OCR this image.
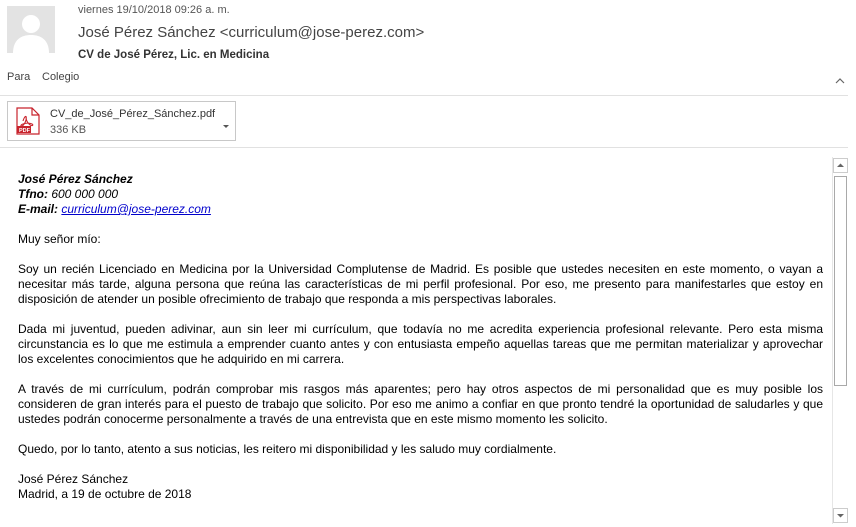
viernes 19/10/2018 09:26 a. m.
José Pérez Sánchez <curriculum@jose-perez.com>
CV de José Pérez, Lic. en Medicina
Para Colegio
PDF
CV_de_José_Pérez_Sánchez.pdf
336 KB

José Pérez Sánchez

Tfno: 600 000 000

E-mail: curriculum@jose-perez.com

Muy señor mío:

Soy un recién Licenciado en Medicina por la Universidad Complutense de Madrid. Es posible que ustedes necesiten en este momento, o vayan a necesitar más tarde, alguna persona que reúna las características de mi perfil profesional. Por eso, me presento para manifestarles que estoy en disposición de atender un posible ofrecimiento de trabajo que responda a mis perspectivas laborales.

Dada mi juventud, pueden adivinar, aun sin leer mi currículum, que todavía no me acredita experiencia profesional relevante. Pero esta misma circunstancia es lo que me estimula a emprender cuanto antes y con entusiasta empeño aquellas tareas que me permitan materializar y aprovechar los excelentes conocimientos que he adquirido en mi carrera.

A través de mi currículum, podrán comprobar mis rasgos más aparentes; pero hay otros aspectos de mi personalidad que es muy posible los consideren de gran interés para el puesto de trabajo que solicito. Por eso me animo a confiar en que pronto tendré la oportunidad de saludarles y que ustedes podrán conocerme personalmente a través de una entrevista que en este mismo momento les solicito.

Quedo, por lo tanto, atento a sus noticias, les reitero mi disponibilidad y les saludo muy cordialmente.

José Pérez Sánchez

Madrid, a 19 de octubre de 2018
